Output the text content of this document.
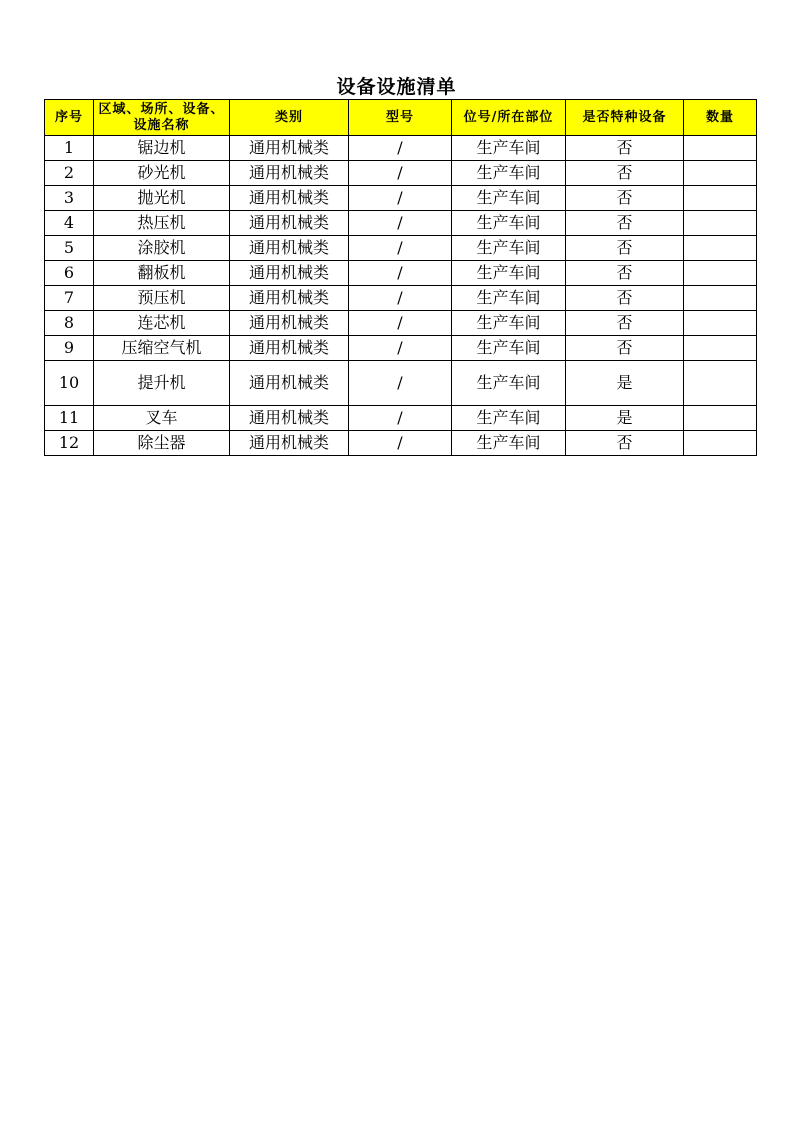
设备设施清单
序号	区域、场所、设备、设施名称	类别	型号	位号/所在部位	是否特种设备	数量
1	锯边机	通用机械类	/	生产车间	否	
2	砂光机	通用机械类	/	生产车间	否	
3	抛光机	通用机械类	/	生产车间	否	
4	热压机	通用机械类	/	生产车间	否	
5	涂胶机	通用机械类	/	生产车间	否	
6	翻板机	通用机械类	/	生产车间	否	
7	预压机	通用机械类	/	生产车间	否	
8	连芯机	通用机械类	/	生产车间	否	
9	压缩空气机	通用机械类	/	生产车间	否	
10	提升机	通用机械类	/	生产车间	是	
11	叉车	通用机械类	/	生产车间	是	
12	除尘器	通用机械类	/	生产车间	否	
